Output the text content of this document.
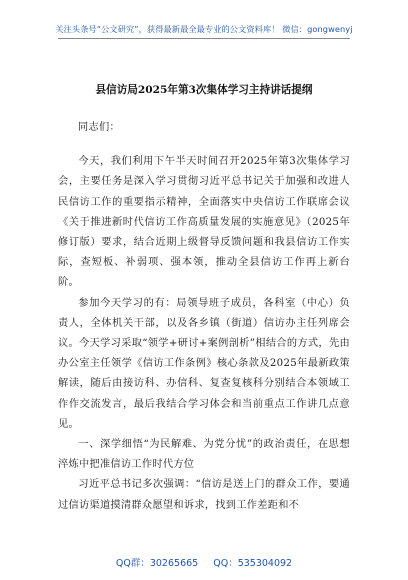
关注头条号“公文研究”，获得最新最全最专业的公文资料库！ 微信：gongwenyj
县信访局2025年第3次集体学习主持讲话提纲

同志们：

今天，我们利用下午半天时间召开2025年第3次集体学习会，主要任务是深入学习贯彻习近平总书记关于加强和改进人民信访工作的重要指示精神，全面落实中央信访工作联席会议《关于推进新时代信访工作高质量发展的实施意见》（2025年修订版）要求，结合近期上级督导反馈问题和我县信访工作实际，查短板、补弱项、强本领，推动全县信访工作再上新台阶。

参加今天学习的有：局领导班子成员，各科室（中心）负责人，全体机关干部，以及各乡镇（街道）信访办主任列席会议。今天学习采取“领学+研讨+案例剖析”相结合的方式，先由办公室主任领学《信访工作条例》核心条款及2025年最新政策解读，随后由接访科、办信科、复查复核科分别结合本领域工作作交流发言，最后我结合学习体会和当前重点工作讲几点意见。

一、深学细悟“为民解难、为党分忧”的政治责任，在思想淬炼中把准信访工作时代方位

习近平总书记多次强调：“信访是送上门的群众工作，要通过信访渠道摸清群众愿望和诉求，找到工作差距和不

QQ群：30265665 QQ：535304092
